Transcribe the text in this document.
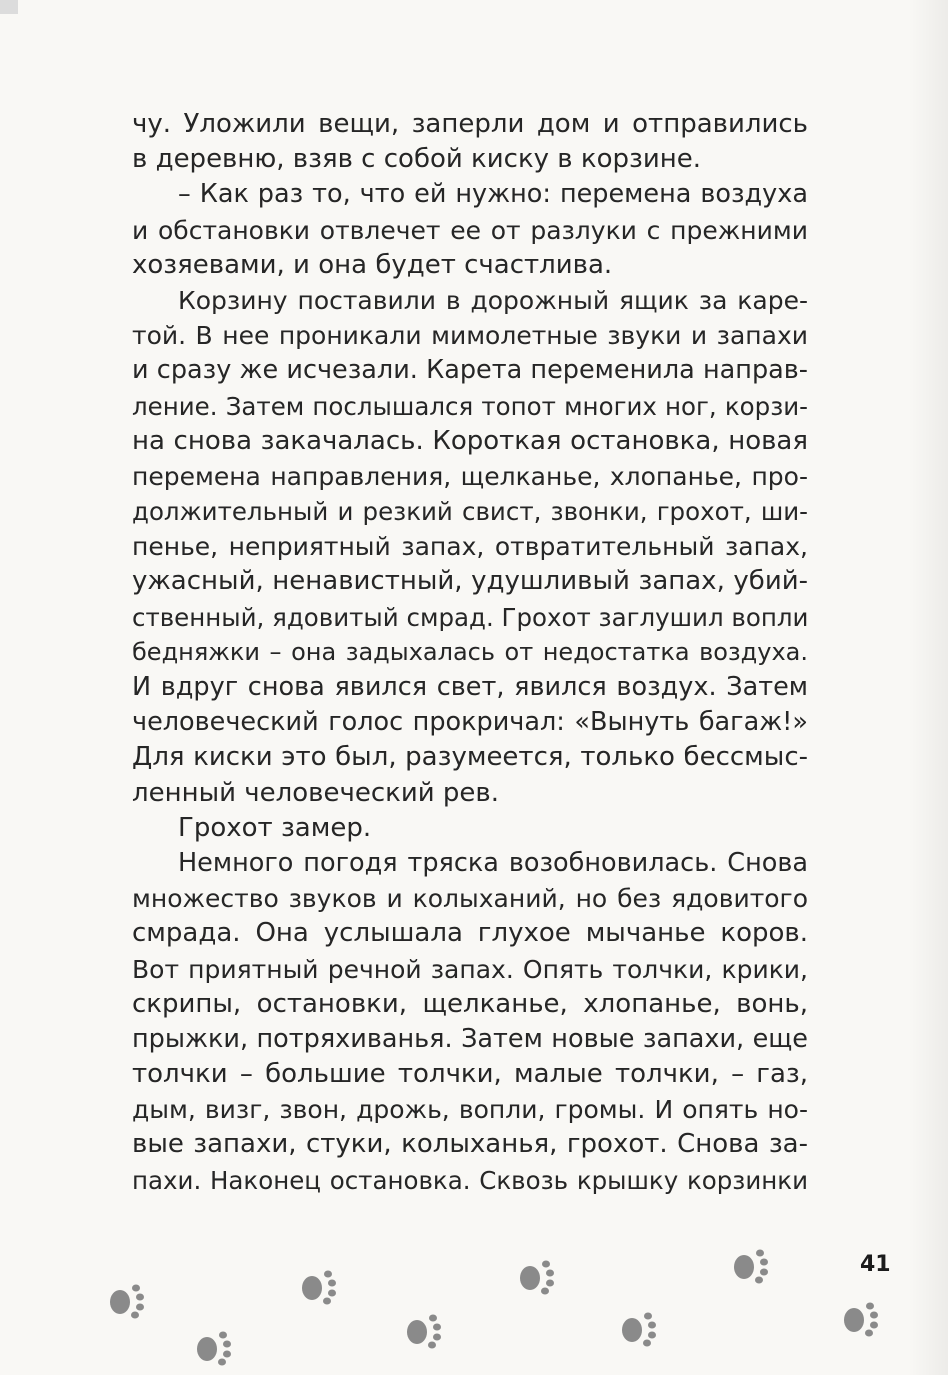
чу. Уложили вещи, заперли дом и отправились
в деревню, взяв с собой киску в корзине.
– Как раз то, что ей нужно: перемена воздуха
и обстановки отвлечет ее от разлуки с прежними
хозяевами, и она будет счастлива.
Корзину поставили в дорожный ящик за каре-
той. В нее проникали мимолетные звуки и запахи
и сразу же исчезали. Карета переменила направ-
ление. Затем послышался топот многих ног, корзи-
на снова закачалась. Короткая остановка, новая
перемена направления, щелканье, хлопанье, про-
должительный и резкий свист, звонки, грохот, ши-
пенье, неприятный запах, отвратительный запах,
ужасный, ненавистный, удушливый запах, убий-
ственный, ядовитый смрад. Грохот заглушил вопли
бедняжки – она задыхалась от недостатка воздуха.
И вдруг снова явился свет, явился воздух. Затем
человеческий голос прокричал: «Вынуть багаж!»
Для киски это был, разумеется, только бессмыс-
ленный человеческий рев.
Грохот замер.
Немного погодя тряска возобновилась. Снова
множество звуков и колыханий, но без ядовитого
смрада. Она услышала глухое мычанье коров.
Вот приятный речной запах. Опять толчки, крики,
скрипы, остановки, щелканье, хлопанье, вонь,
прыжки, потряхиванья. Затем новые запахи, еще
толчки – большие толчки, малые толчки, – газ,
дым, визг, звон, дрожь, вопли, громы. И опять но-
вые запахи, стуки, колыханья, грохот. Снова за-
пахи. Наконец остановка. Сквозь крышку корзинки
41
